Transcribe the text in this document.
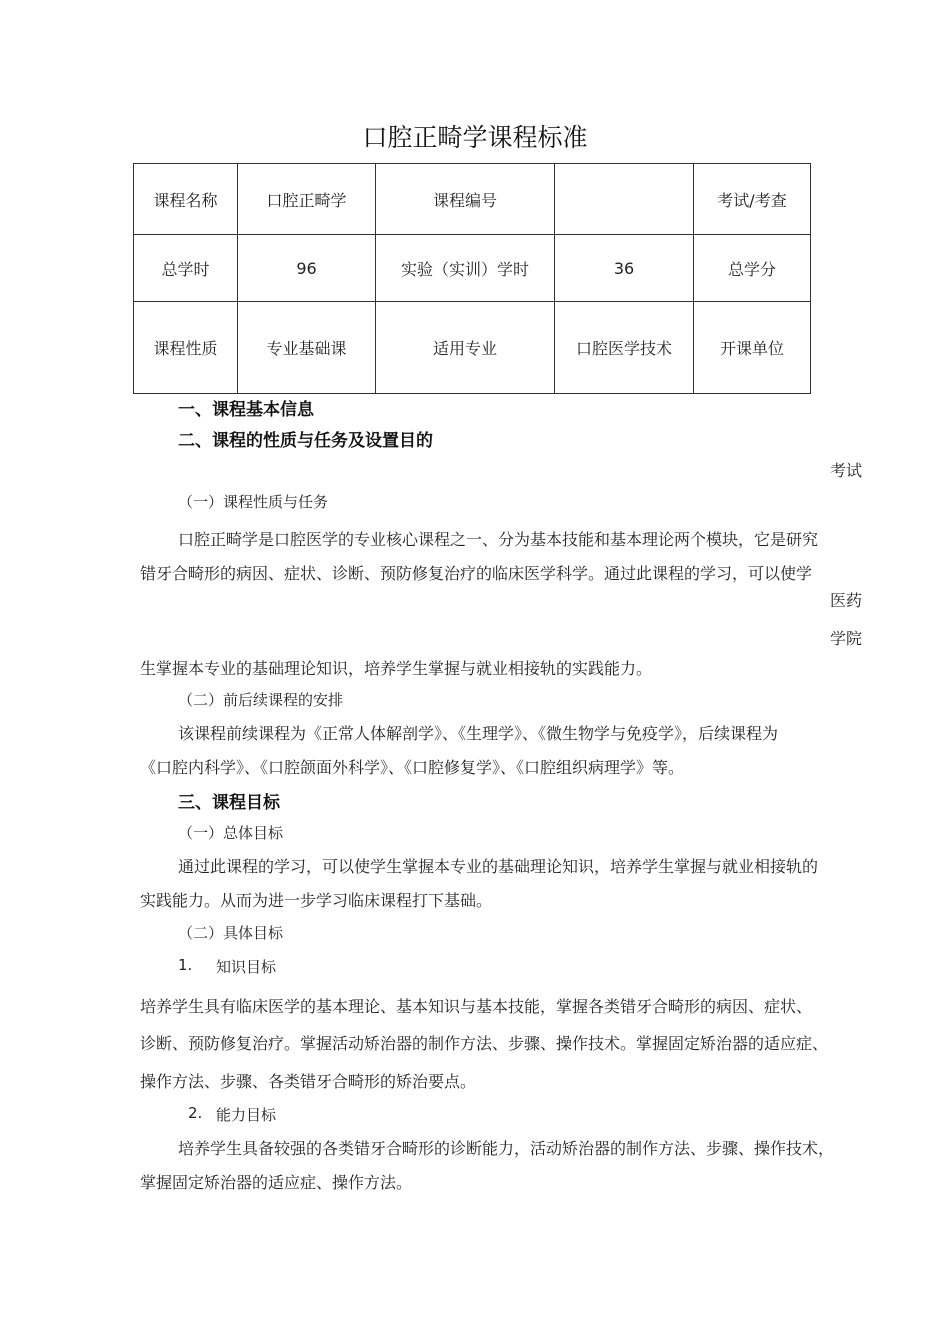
口腔正畸学课程标准
课程名称	口腔正畸学	课程编号		考试/考查
总学时	96	实验（实训）学时	36	总学分
课程性质	专业基础课	适用专业	口腔医学技术	开课单位
一、课程基本信息
二、课程的性质与任务及设置目的
考试
（一）课程性质与任务
口腔正畸学是口腔医学的专业核心课程之一、分为基本技能和基本理论两个模块，它是研究
错牙合畸形的病因、症状、诊断、预防修复治疗的临床医学科学。通过此课程的学习，可以使学
医药
学院
生掌握本专业的基础理论知识，培养学生掌握与就业相接轨的实践能力。
（二）前后续课程的安排
该课程前续课程为《正常人体解剖学》、《生理学》、《微生物学与免疫学》，后续课程为
《口腔内科学》、《口腔颌面外科学》、《口腔修复学》、《口腔组织病理学》等。
三、课程目标
（一）总体目标
通过此课程的学习，可以使学生掌握本专业的基础理论知识，培养学生掌握与就业相接轨的
实践能力。从而为进一步学习临床课程打下基础。
（二）具体目标
1. 知识目标
培养学生具有临床医学的基本理论、基本知识与基本技能，掌握各类错牙合畸形的病因、症状、
诊断、预防修复治疗。掌握活动矫治器的制作方法、步骤、操作技术。掌握固定矫治器的适应症、
操作方法、步骤、各类错牙合畸形的矫治要点。
2. 能力目标
培养学生具备较强的各类错牙合畸形的诊断能力，活动矫治器的制作方法、步骤、操作技术，
掌握固定矫治器的适应症、操作方法。
